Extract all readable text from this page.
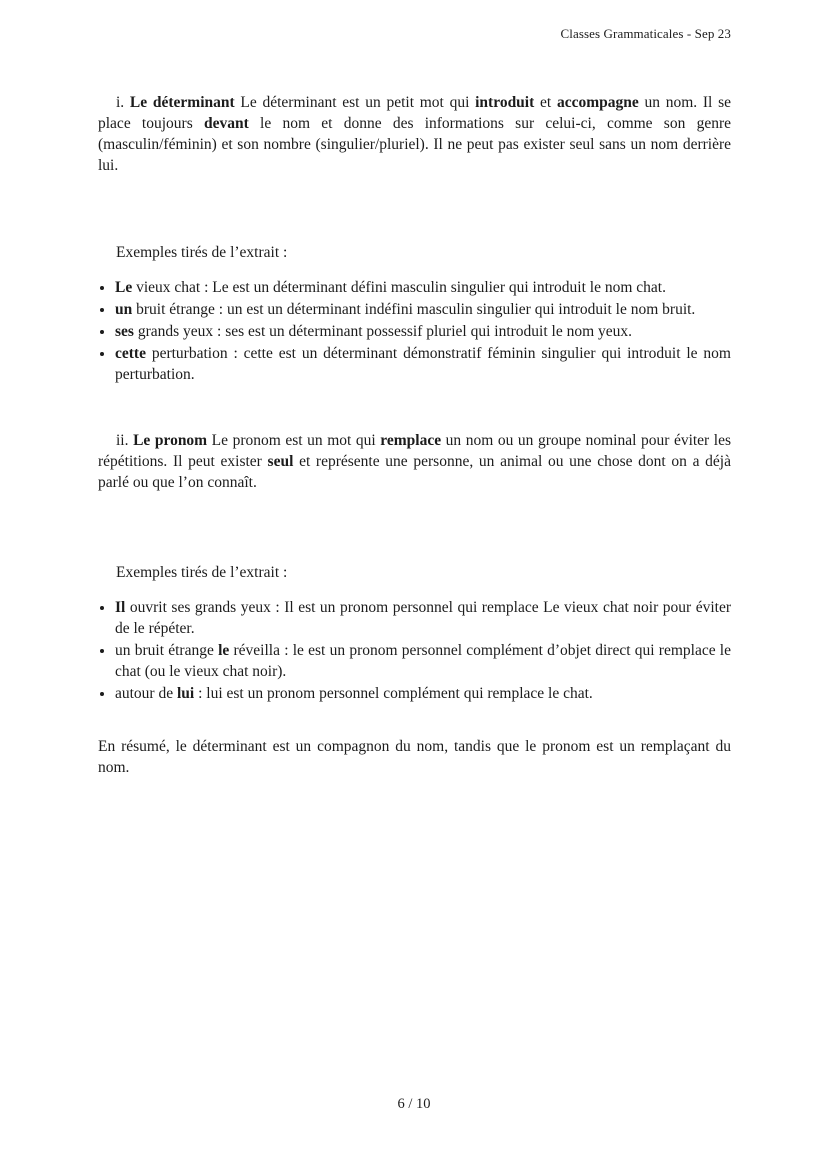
Classes Grammaticales - Sep 23

i. Le déterminant Le déterminant est un petit mot qui introduit et accompagne un nom. Il se place toujours devant le nom et donne des informations sur celui-ci, comme son genre (masculin/féminin) et son nombre (singulier/pluriel). Il ne peut pas exister seul sans un nom derrière lui.

Exemples tirés de l’extrait :

• Le vieux chat : Le est un déterminant défini masculin singulier qui introduit le nom chat.
• un bruit étrange : un est un déterminant indéfini masculin singulier qui introduit le nom bruit.
• ses grands yeux : ses est un déterminant possessif pluriel qui introduit le nom yeux.
• cette perturbation : cette est un déterminant démonstratif féminin singulier qui introduit le nom perturbation.

ii. Le pronom Le pronom est un mot qui remplace un nom ou un groupe nominal pour éviter les répétitions. Il peut exister seul et représente une personne, un animal ou une chose dont on a déjà parlé ou que l’on connaît.

Exemples tirés de l’extrait :

• Il ouvrit ses grands yeux : Il est un pronom personnel qui remplace Le vieux chat noir pour éviter de le répéter.
• un bruit étrange le réveilla : le est un pronom personnel complément d’objet direct qui remplace le chat (ou le vieux chat noir).
• autour de lui : lui est un pronom personnel complément qui remplace le chat.

En résumé, le déterminant est un compagnon du nom, tandis que le pronom est un remplaçant du nom.

6 / 10
